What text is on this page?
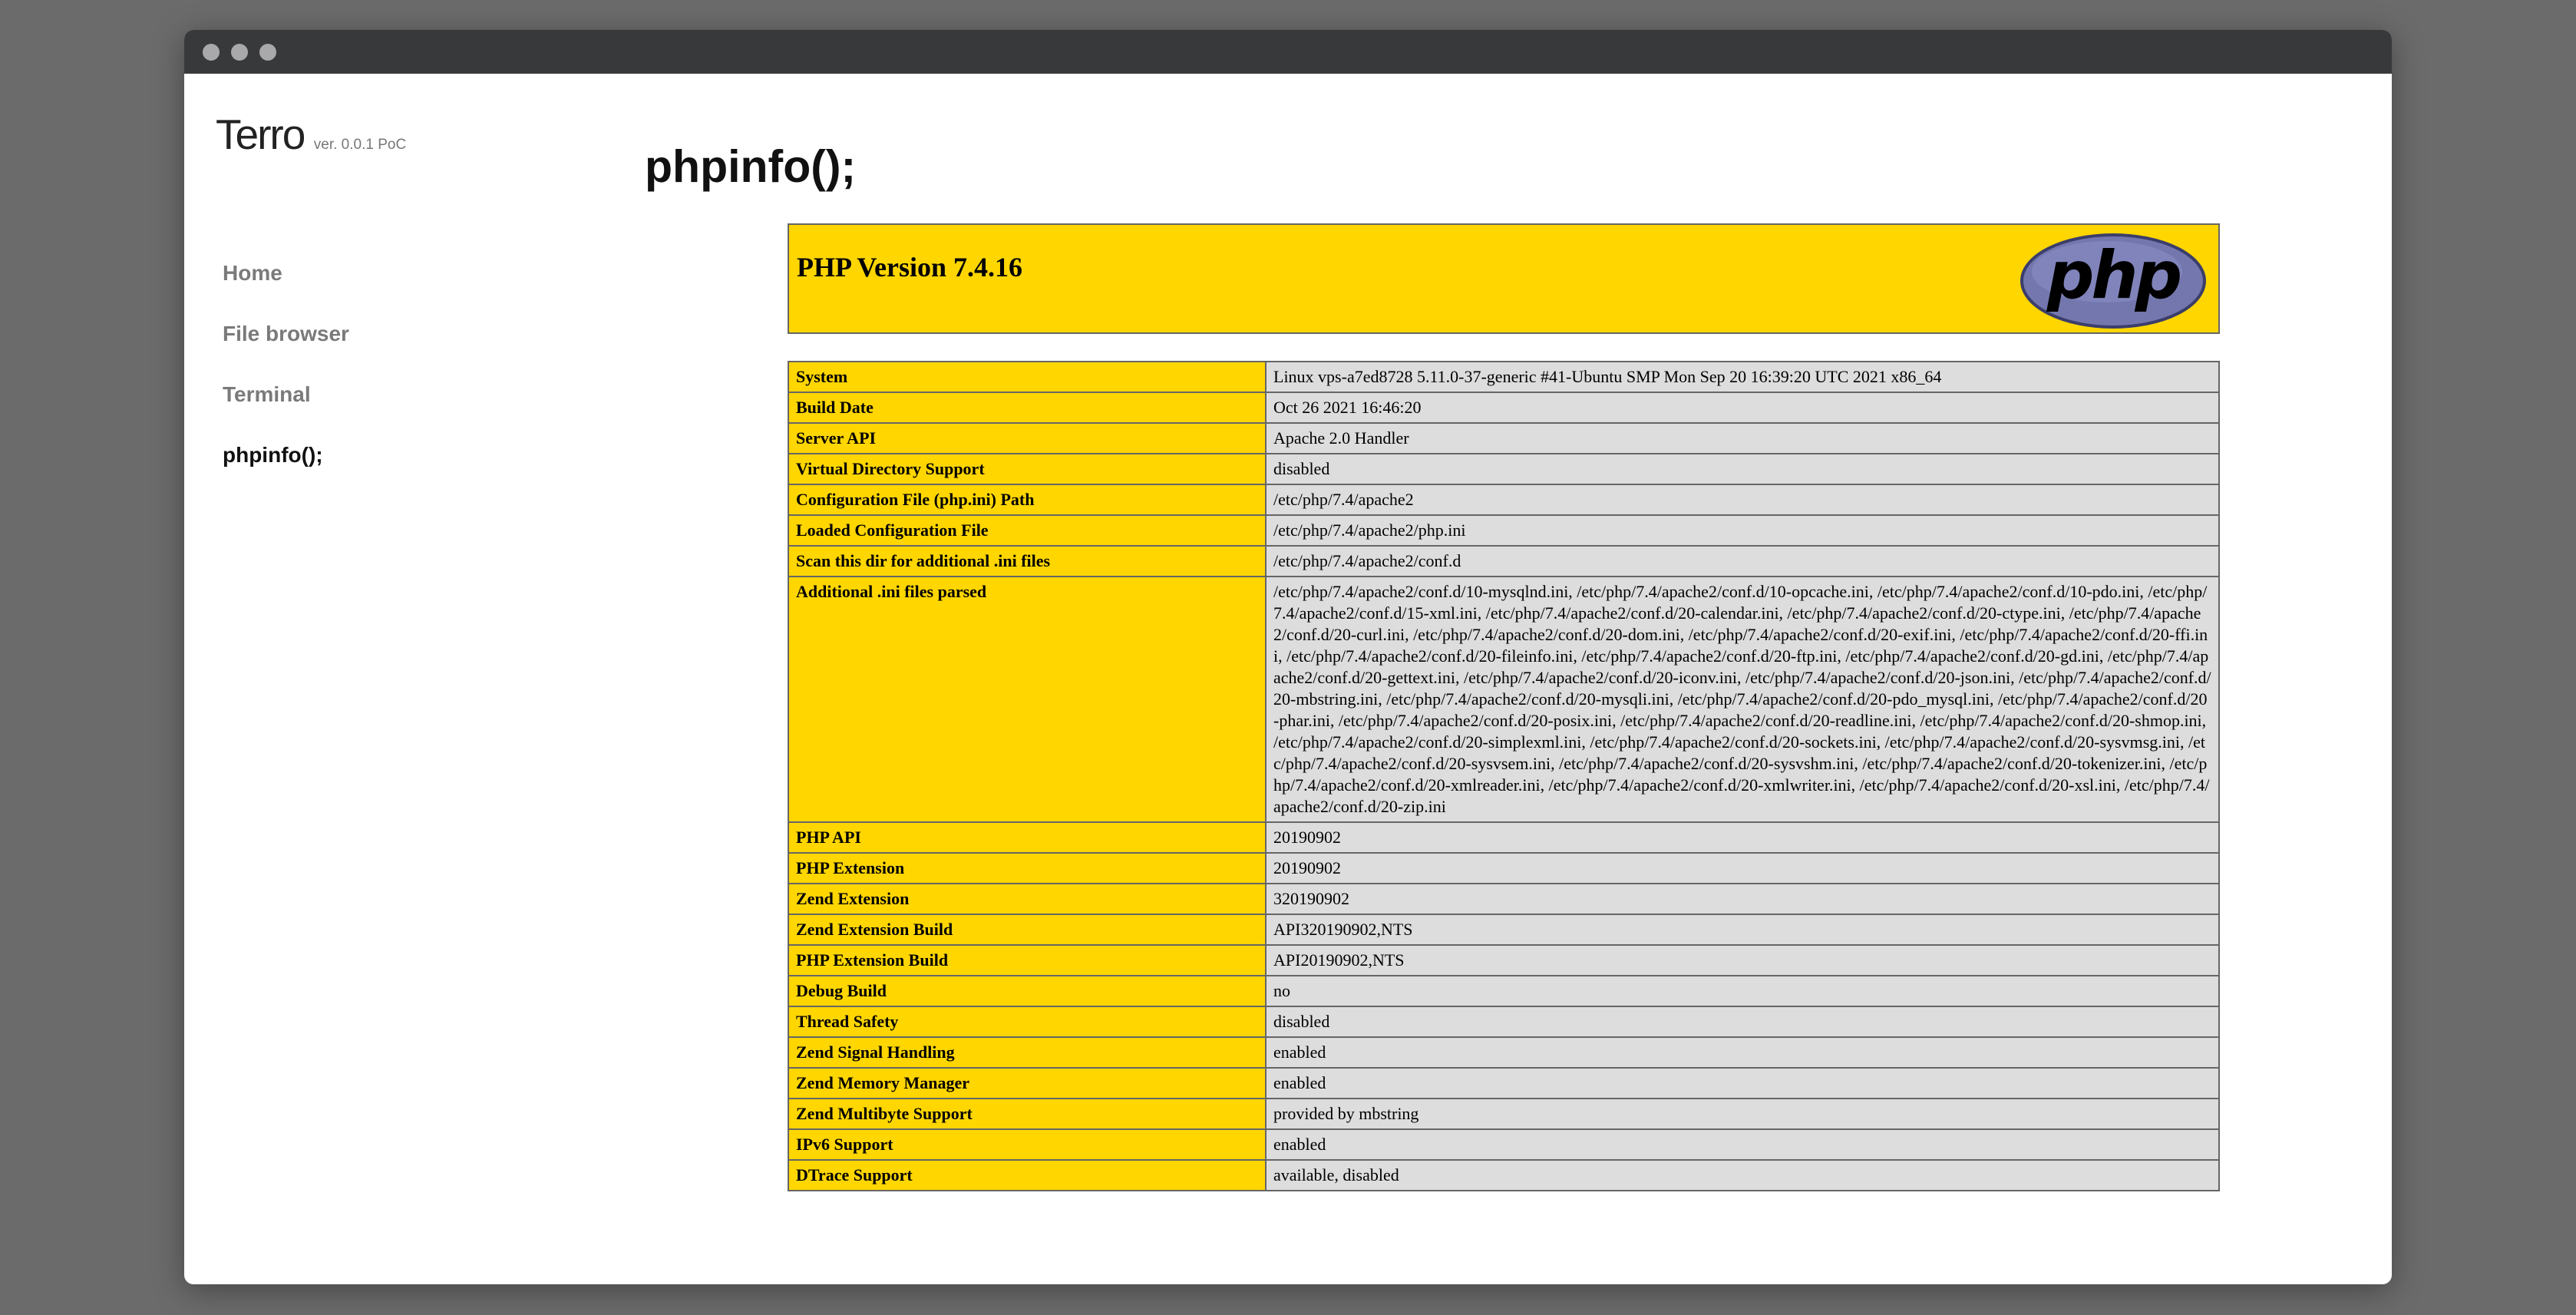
Terro ver. 0.0.1 PoC
Home
File browser
Terminal
phpinfo();
phpinfo();
PHP Version 7.4.16	php
System	Linux vps-a7ed8728 5.11.0-37-generic #41-Ubuntu SMP Mon Sep 20 16:39:20 UTC 2021 x86_64
Build Date	Oct 26 2021 16:46:20
Server API	Apache 2.0 Handler
Virtual Directory Support	disabled
Configuration File (php.ini) Path	/etc/php/7.4/apache2
Loaded Configuration File	/etc/php/7.4/apache2/php.ini
Scan this dir for additional .ini files	/etc/php/7.4/apache2/conf.d
Additional .ini files parsed	/etc/php/7.4/apache2/conf.d/10-mysqlnd.ini, /etc/php/7.4/apache2/conf.d/10-opcache.ini, /etc/php/7.4/apache2/conf.d/10-pdo.ini, /etc/php/7.4/apache2/conf.d/15-xml.ini, /etc/php/7.4/apache2/conf.d/20-calendar.ini, /etc/php/7.4/apache2/conf.d/20-ctype.ini, /etc/php/7.4/apache2/conf.d/20-curl.ini, /etc/php/7.4/apache2/conf.d/20-dom.ini, /etc/php/7.4/apache2/conf.d/20-exif.ini, /etc/php/7.4/apache2/conf.d/20-ffi.ini, /etc/php/7.4/apache2/conf.d/20-fileinfo.ini, /etc/php/7.4/apache2/conf.d/20-ftp.ini, /etc/php/7.4/apache2/conf.d/20-gd.ini, /etc/php/7.4/apache2/conf.d/20-gettext.ini, /etc/php/7.4/apache2/conf.d/20-iconv.ini, /etc/php/7.4/apache2/conf.d/20-json.ini, /etc/php/7.4/apache2/conf.d/20-mbstring.ini, /etc/php/7.4/apache2/conf.d/20-mysqli.ini, /etc/php/7.4/apache2/conf.d/20-pdo_mysql.ini, /etc/php/7.4/apache2/conf.d/20-phar.ini, /etc/php/7.4/apache2/conf.d/20-posix.ini, /etc/php/7.4/apache2/conf.d/20-readline.ini, /etc/php/7.4/apache2/conf.d/20-shmop.ini, /etc/php/7.4/apache2/conf.d/20-simplexml.ini, /etc/php/7.4/apache2/conf.d/20-sockets.ini, /etc/php/7.4/apache2/conf.d/20-sysvmsg.ini, /etc/php/7.4/apache2/conf.d/20-sysvsem.ini, /etc/php/7.4/apache2/conf.d/20-sysvshm.ini, /etc/php/7.4/apache2/conf.d/20-tokenizer.ini, /etc/php/7.4/apache2/conf.d/20-xmlreader.ini, /etc/php/7.4/apache2/conf.d/20-xmlwriter.ini, /etc/php/7.4/apache2/conf.d/20-xsl.ini, /etc/php/7.4/apache2/conf.d/20-zip.ini
PHP API	20190902
PHP Extension	20190902
Zend Extension	320190902
Zend Extension Build	API320190902,NTS
PHP Extension Build	API20190902,NTS
Debug Build	no
Thread Safety	disabled
Zend Signal Handling	enabled
Zend Memory Manager	enabled
Zend Multibyte Support	provided by mbstring
IPv6 Support	enabled
DTrace Support	available, disabled
